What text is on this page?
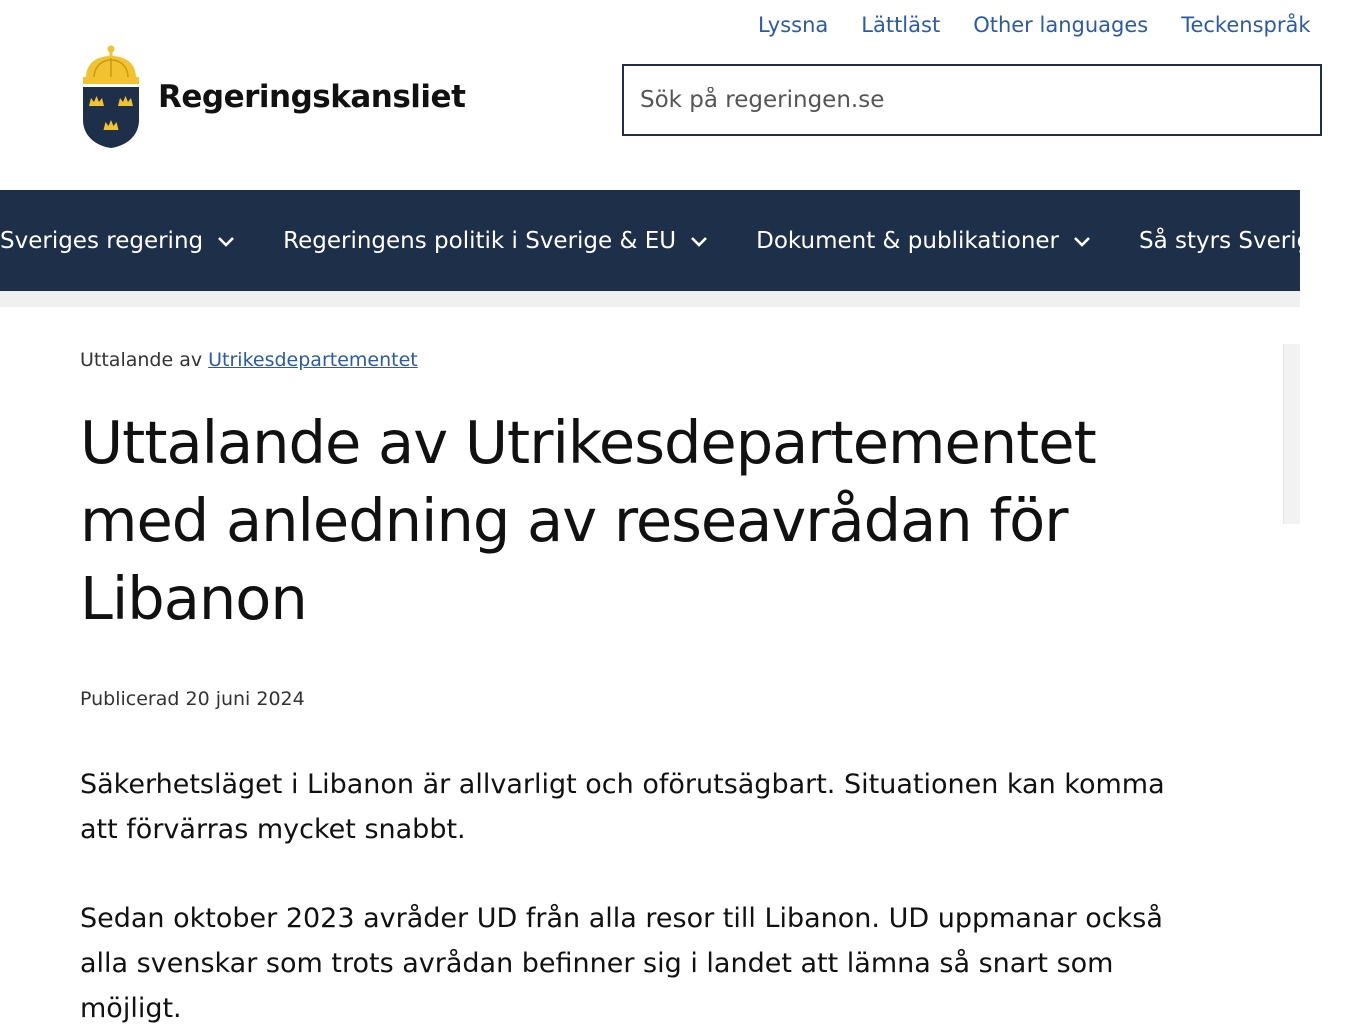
Lyssna Lättläst Other languages Teckenspråk
Regeringskansliet
Sök på regeringen.se
Sveriges regering	Regeringens politik i Sverige & EU	Dokument & publikationer	Så styrs Sverige
Uttalande av Utrikesdepartementet
Uttalande av Utrikesdepartementet med anledning av reseavrådan för Libanon
Publicerad 20 juni 2024

Säkerhetsläget i Libanon är allvarligt och oförutsägbart. Situationen kan komma att förvärras mycket snabbt.

Sedan oktober 2023 avråder UD från alla resor till Libanon. UD uppmanar också alla svenskar som trots avrådan befinner sig i landet att lämna så snart som möjligt.
